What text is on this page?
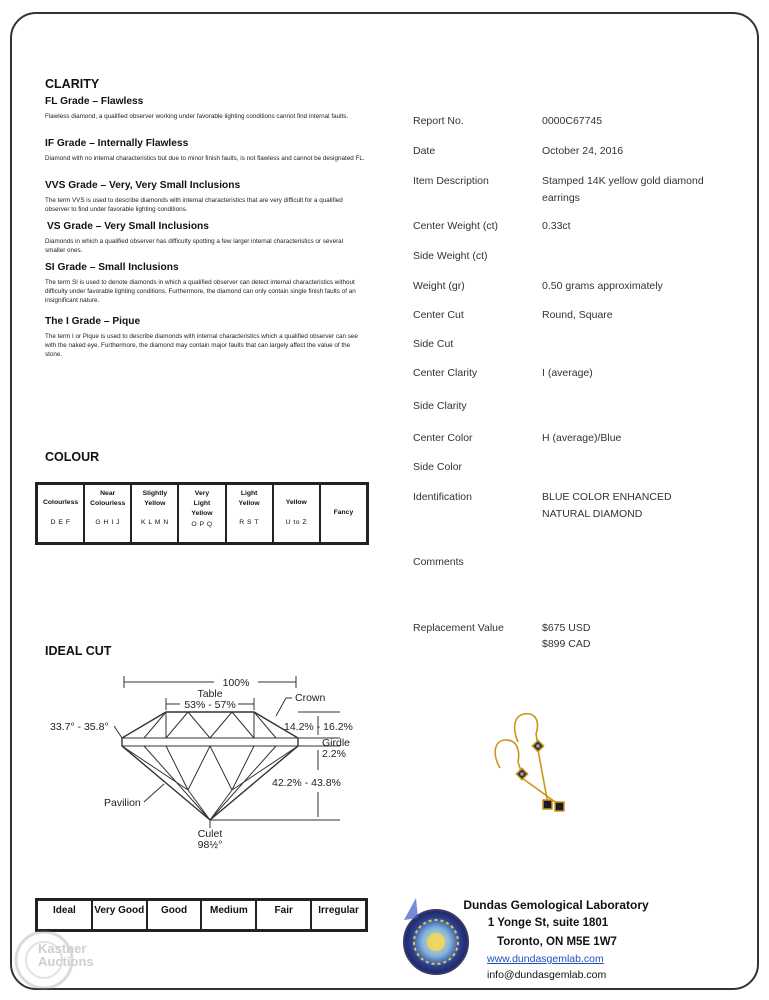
CLARITY
FL Grade – Flawless
Flawless diamond, a qualified observer working under favorable lighting conditions cannot find internal faults.
IF Grade – Internally Flawless
Diamond with no internal characteristics but due to minor finish faults, is not flawless and cannot be designated FL.
VVS Grade – Very, Very Small Inclusions
The term VVS is used to describe diamonds with internal characteristics that are very difficult for a qualified observer to find under favorable lighting conditions.
VS Grade – Very Small Inclusions
Diamonds in which a qualified observer has difficulty spotting a few larger internal characteristics or several smaller ones.
SI Grade – Small Inclusions
The term SI is used to denote diamonds in which a qualified observer can detect internal characteristics without difficulty under favorable lighting conditions. Furthermore, the diamond can only contain single finish faults of an insignificant nature.
The I Grade – Pique
The term I or Pique is used to describe diamonds with internal characteristics which a qualified observer can see with the naked eye. Furthermore, the diamond may contain major faults that can largely affect the value of the stone.
COLOUR
Colourless
D E F
Near Colourless
G H I J
Slightly Yellow
K L M N
Very Light Yellow
O P Q
Light Yellow
R S T
Yellow
U to Z
Fancy
IDEAL CUT
100%
Table
53% - 57%
Crown
33.7° - 35.8°	14.2% - 16.2%
Girdle
2.2%
42.2% - 43.8%
Pavilion
Culet
98½°
Ideal	Very Good	Good	Medium	Fair	Irregular
Report No.	0000C67745
Date	October 24, 2016
Item Description	Stamped 14K yellow gold diamond earrings
Center Weight (ct)	0.33ct
Side Weight (ct)
Weight (gr)	0.50 grams approximately
Center Cut	Round, Square
Side Cut
Center Clarity	I (average)
Side Clarity
Center Color	H (average)/Blue
Side Color
Identification	BLUE COLOR ENHANCED NATURAL DIAMOND
Comments
Replacement Value	$675 USD
$899 CAD
Dundas Gemological Laboratory
1 Yonge St, suite 1801
Toronto, ON M5E 1W7
www.dundasgemlab.com
info@dundasgemlab.com
Kastner Auctions
